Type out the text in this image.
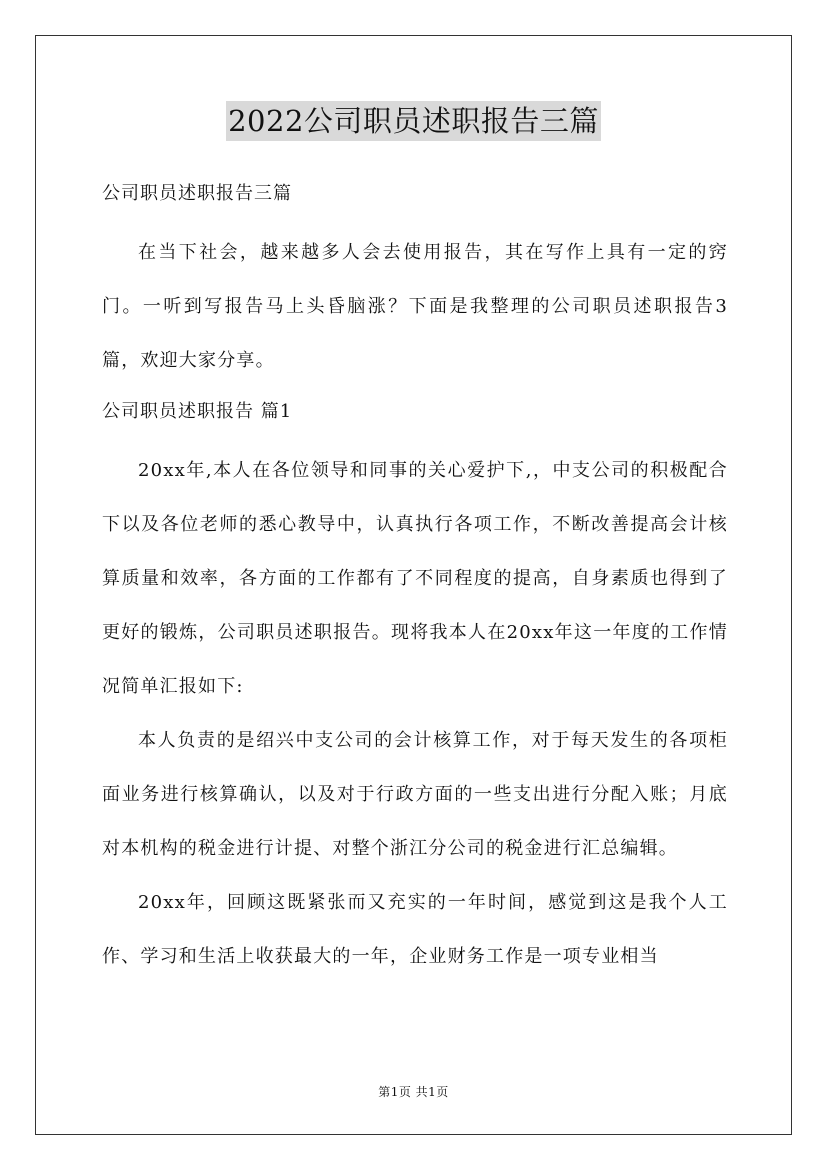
2022公司职员述职报告三篇

公司职员述职报告三篇

在当下社会，越来越多人会去使用报告，其在写作上具有一定的窍门。一听到写报告马上头昏脑涨？下面是我整理的公司职员述职报告3篇，欢迎大家分享。

公司职员述职报告 篇1

20xx年,本人在各位领导和同事的关心爱护下,，中支公司的积极配合下以及各位老师的悉心教导中，认真执行各项工作，不断改善提高会计核算质量和效率，各方面的工作都有了不同程度的提高，自身素质也得到了更好的锻炼，公司职员述职报告。现将我本人在20xx年这一年度的工作情况简单汇报如下:

本人负责的是绍兴中支公司的会计核算工作，对于每天发生的各项柜面业务进行核算确认，以及对于行政方面的一些支出进行分配入账；月底对本机构的税金进行计提、对整个浙江分公司的税金进行汇总编辑。

20xx年，回顾这既紧张而又充实的一年时间，感觉到这是我个人工作、学习和生活上收获最大的一年，企业财务工作是一项专业相当

第1页 共1页
